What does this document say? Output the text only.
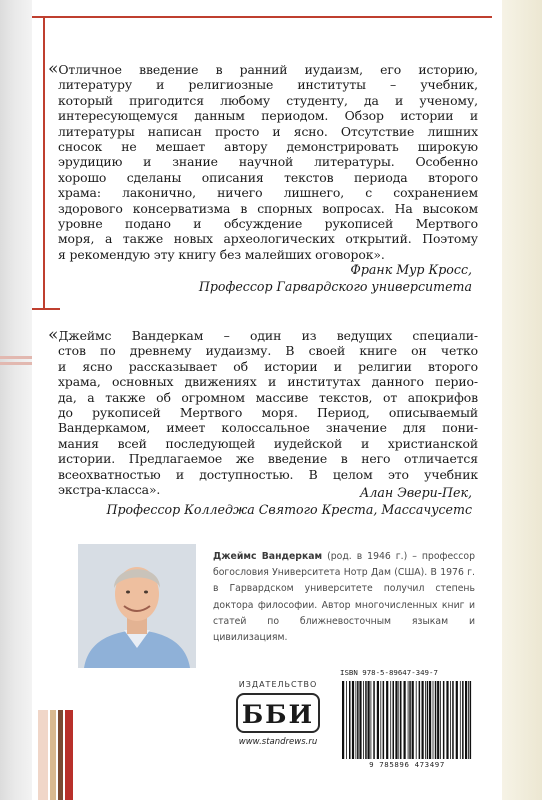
«Отличное введение в ранний иудаизм, его историю,
литературу и религиозные институты – учебник,
который пригодится любому студенту, да и ученому,
интересующемуся данным периодом. Обзор истории и
литературы написан просто и ясно. Отсутствие лишних
сносок не мешает автору демонстрировать широкую
эрудицию и знание научной литературы. Особенно
хорошо сделаны описания текстов периода второго
храма: лаконично, ничего лишнего, с сохранением
здорового консерватизма в спорных вопросах. На высоком
уровне подано и обсуждение рукописей Мертвого
моря, а также новых археологических открытий. Поэтому
я рекомендую эту книгу без малейших оговорок».
Франк Мур Кросс,
Профессор Гарвардского университета
«Джеймс Вандеркам – один из ведущих специали-
стов по древнему иудаизму. В своей книге он четко
и ясно рассказывает об истории и религии второго
храма, основных движениях и институтах данного перио-
да, а также об огромном массиве текстов, от апокрифов
до рукописей Мертвого моря. Период, описываемый
Вандеркамом, имеет колоссальное значение для пони-
мания всей последующей иудейской и христианской
истории. Предлагаемое же введение в него отличается
всеохватностью и доступностью. В целом это учебник
экстра-класса».	Алан Эвери-Пек,
Профессор Колледжа Святого Креста, Массачусетс
Джеймс Вандеркам (род. в 1946 г.) – профессор богословия Университета Нотр Дам (США). В 1976 г. в Гарвардском университете получил степень доктора философии. Автор многочисленных книг и статей по ближневосточным языкам и цивилизациям.
ИЗДАТЕЛЬСТВО
ББИ
www.standrews.ru
ISBN 978-5-89647-349-7
9 785896 473497
